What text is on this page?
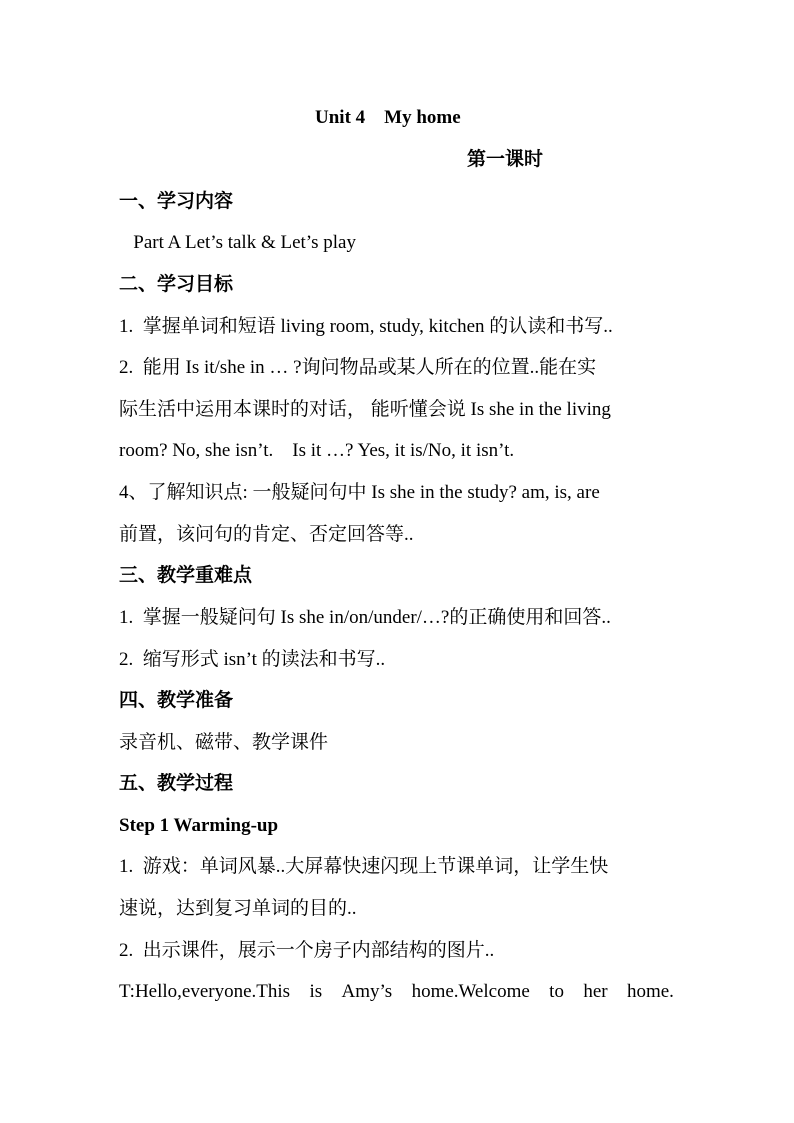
Unit 4    My home
第一课时
一、学习内容
Part A Let’s talk & Let’s play
二、学习目标
1.  掌握单词和短语 living room, study, kitchen 的认读和书写..
2.  能用 Is it/she in … ?询问物品或某人所在的位置..能在实
际生活中运用本课时的对话， 能听懂会说 Is she in the living
room? No, she isn’t.    Is it …? Yes, it is/No, it isn’t.
4、了解知识点: 一般疑问句中 Is she in the study? am, is, are
前置，该问句的肯定、否定回答等..
三、教学重难点
1.  掌握一般疑问句 Is she in/on/under/…?的正确使用和回答..
2.  缩写形式 isn’t 的读法和书写..
四、教学准备
录音机、磁带、教学课件
五、教学过程
Step 1 Warming-up
1.  游戏：单词风暴..大屏幕快速闪现上节课单词，让学生快
速说，达到复习单词的目的..
2.  出示课件，展示一个房子内部结构的图片..
T:Hello,everyone.This is Amy’s home.Welcome to her home.
